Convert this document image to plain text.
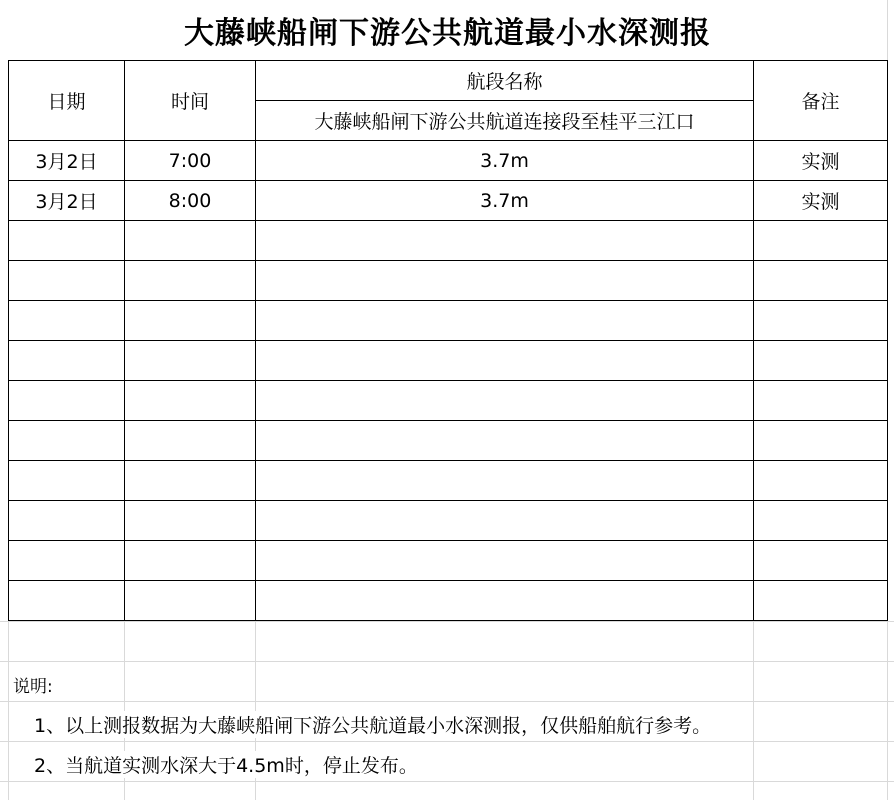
大藤峡船闸下游公共航道最小水深测报
日期	时间	航段名称	备注
		大藤峡船闸下游公共航道连接段至桂平三江口	
3月2日	7:00	3.7m	实测
3月2日	8:00	3.7m	实测

说明:
1、以上测报数据为大藤峡船闸下游公共航道最小水深测报，仅供船舶航行参考。
2、当航道实测水深大于4.5m时，停止发布。
